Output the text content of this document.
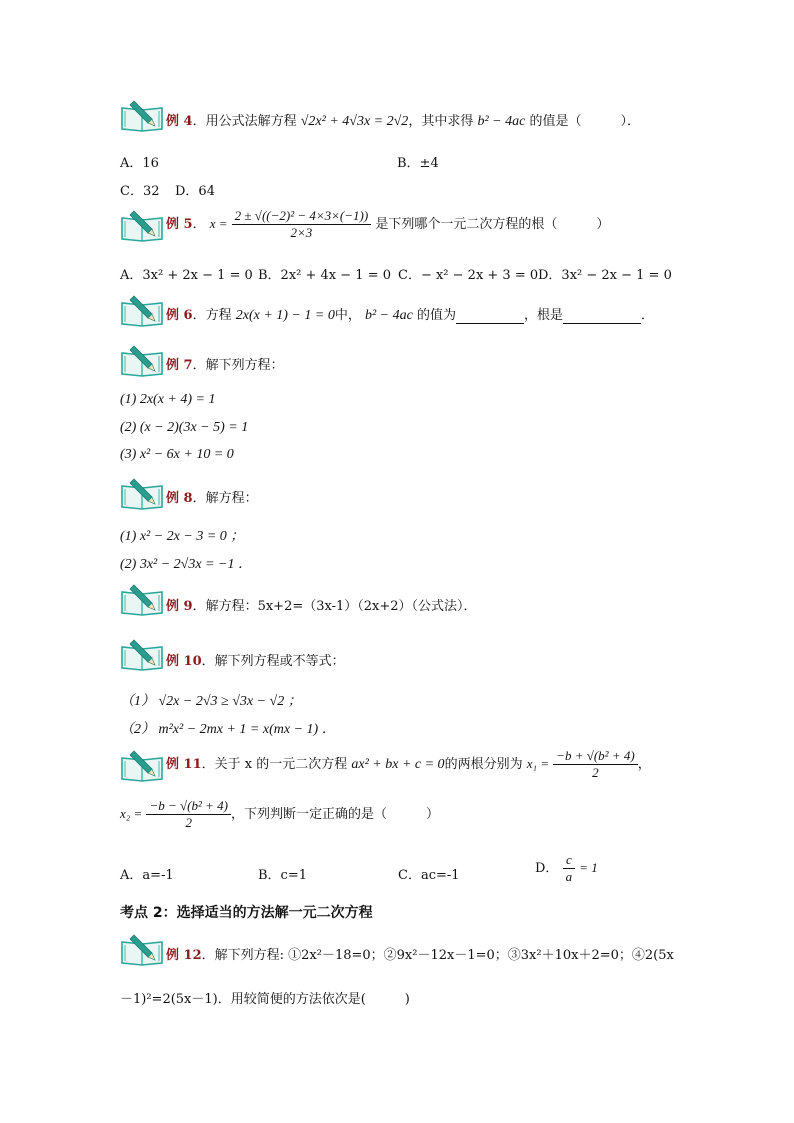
例 4．用公式法解方程 √2x² + 4√3x = 2√2，其中求得 b² − 4ac 的值是（　　　）．
A．16	B．±4
C．32 D．64
例 5． $x = \frac{\text{2 ± √((−2)² − 4×3×(−1))}}{2\times 3}$ 是下列哪个一元二次方程的根（　　　）
A．3x² + 2x − 1 = 0 B．2x² + 4x − 1 = 0 C．− x² − 2x + 3 = 0 D．3x² − 2x − 1 = 0
例 6．方程 2x(x + 1) − 1 = 0中， b² − 4ac 的值为	，根是	．
例 7．解下列方程：
(1) 2x(x + 4) = 1
(2) (x − 2)(3x − 5) = 1
(3) x² − 6x + 10 = 0
例 8．解方程：
(1) x² − 2x − 3 = 0 ；
(2) 3x² − 2√3x = −1 ．
例 9．解方程：5x+2=（3x-1）（2x+2）（公式法）．
例 10．解下列方程或不等式：
（1） √2x − 2√3 ≥ √3x − √2 ；
（2） m²x² − 2mx + 1 = x(mx − 1) ．
例 11．关于 x 的一元二次方程 ax² + bx + c = 0的两根分别为 $x_1 = \frac{\text{−b + √(b² + 4)}}{2}$ ，
$x_2 = \frac{\text{−b − √(b² + 4)}}{2}$ ，下列判断一定正确的是（　　　）
A．a=-1	B．c=1	C．ac=-1	D． $\frac{c}{a} = 1$
考点 2：选择适当的方法解一元二次方程
例 12．解下列方程: ①2x²－18=0；②9x²－12x－1=0；③3x²＋10x＋2=0；④2(5x
－1)²=2(5x－1)．用较简便的方法依次是(　　　)
